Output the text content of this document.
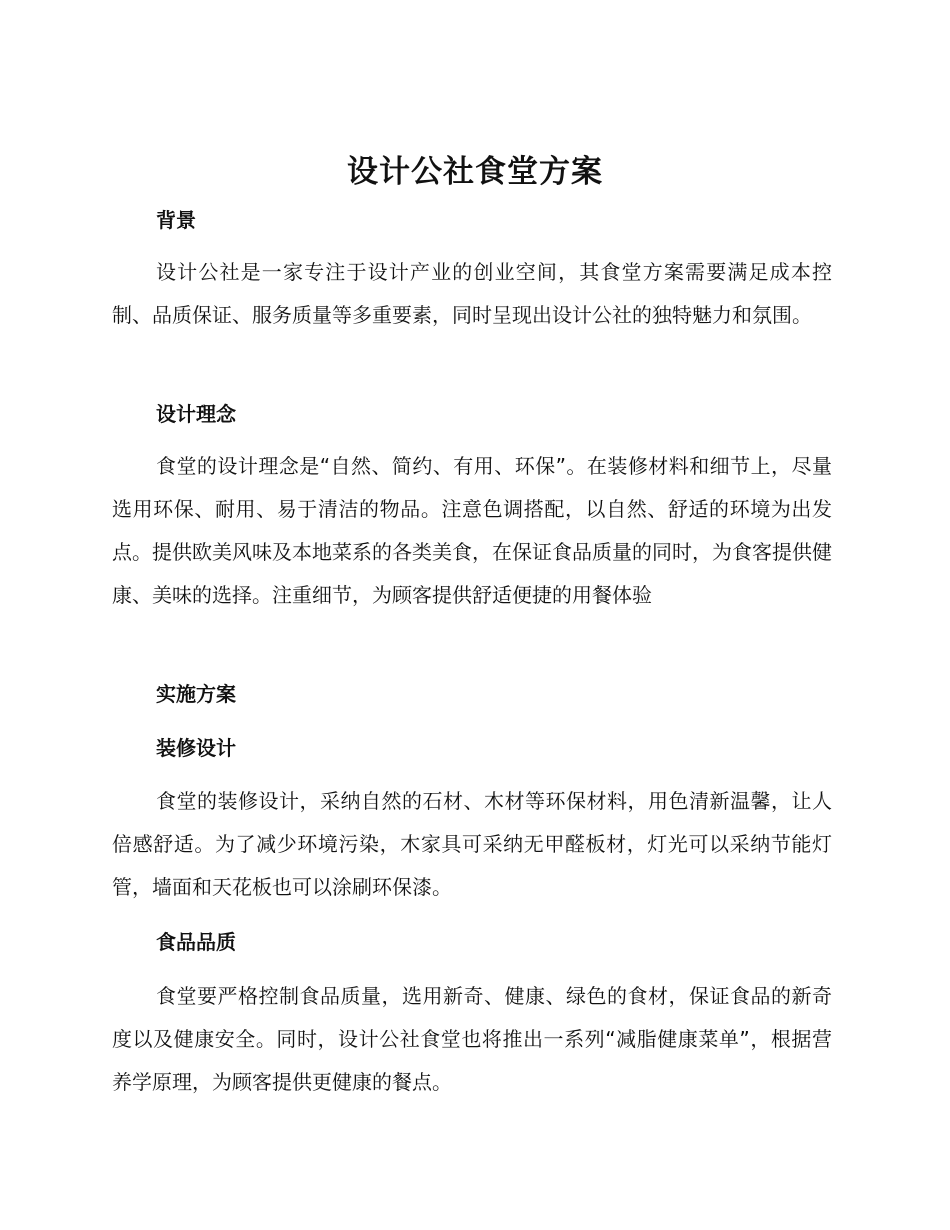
设计公社食堂方案
背景
设计公社是一家专注于设计产业的创业空间，其食堂方案需要满足成本控制、品质保证、服务质量等多重要素，同时呈现出设计公社的独特魅力和氛围。
设计理念
食堂的设计理念是“自然、简约、有用、环保”。在装修材料和细节上，尽量选用环保、耐用、易于清洁的物品。注意色调搭配，以自然、舒适的环境为出发点。提供欧美风味及本地菜系的各类美食，在保证食品质量的同时，为食客提供健康、美味的选择。注重细节，为顾客提供舒适便捷的用餐体验
实施方案
装修设计
食堂的装修设计，采纳自然的石材、木材等环保材料，用色清新温馨，让人倍感舒适。为了减少环境污染，木家具可采纳无甲醛板材，灯光可以采纳节能灯管，墙面和天花板也可以涂刷环保漆。
食品品质
食堂要严格控制食品质量，选用新奇、健康、绿色的食材，保证食品的新奇度以及健康安全。同时，设计公社食堂也将推出一系列“减脂健康菜单”，根据营养学原理，为顾客提供更健康的餐点。
